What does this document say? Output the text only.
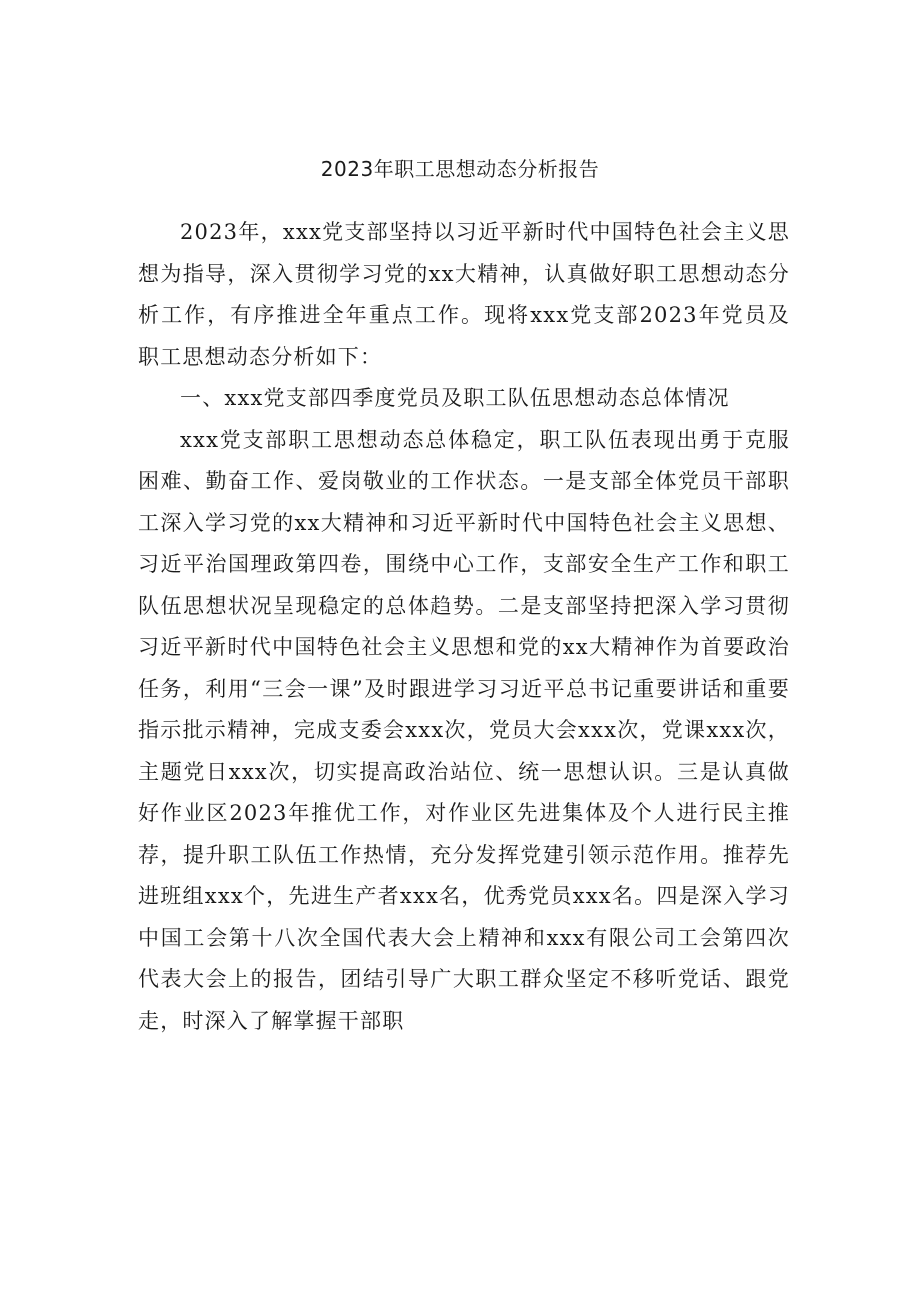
2023年职工思想动态分析报告

2023年，xxx党支部坚持以习近平新时代中国特色社会主义思想为指导，深入贯彻学习党的xx大精神，认真做好职工思想动态分析工作，有序推进全年重点工作。现将xxx党支部2023年党员及职工思想动态分析如下：

一、xxx党支部四季度党员及职工队伍思想动态总体情况

xxx党支部职工思想动态总体稳定，职工队伍表现出勇于克服困难、勤奋工作、爱岗敬业的工作状态。一是支部全体党员干部职工深入学习党的xx大精神和习近平新时代中国特色社会主义思想、习近平治国理政第四卷，围绕中心工作，支部安全生产工作和职工队伍思想状况呈现稳定的总体趋势。二是支部坚持把深入学习贯彻习近平新时代中国特色社会主义思想和党的xx大精神作为首要政治任务，利用“三会一课”及时跟进学习习近平总书记重要讲话和重要指示批示精神，完成支委会xxx次，党员大会xxx次，党课xxx次，主题党日xxx次，切实提高政治站位、统一思想认识。三是认真做好作业区2023年推优工作，对作业区先进集体及个人进行民主推荐，提升职工队伍工作热情，充分发挥党建引领示范作用。推荐先进班组xxx个，先进生产者xxx名，优秀党员xxx名。四是深入学习中国工会第十八次全国代表大会上精神和xxx有限公司工会第四次代表大会上的报告，团结引导广大职工群众坚定不移听党话、跟党走，时深入了解掌握干部职
